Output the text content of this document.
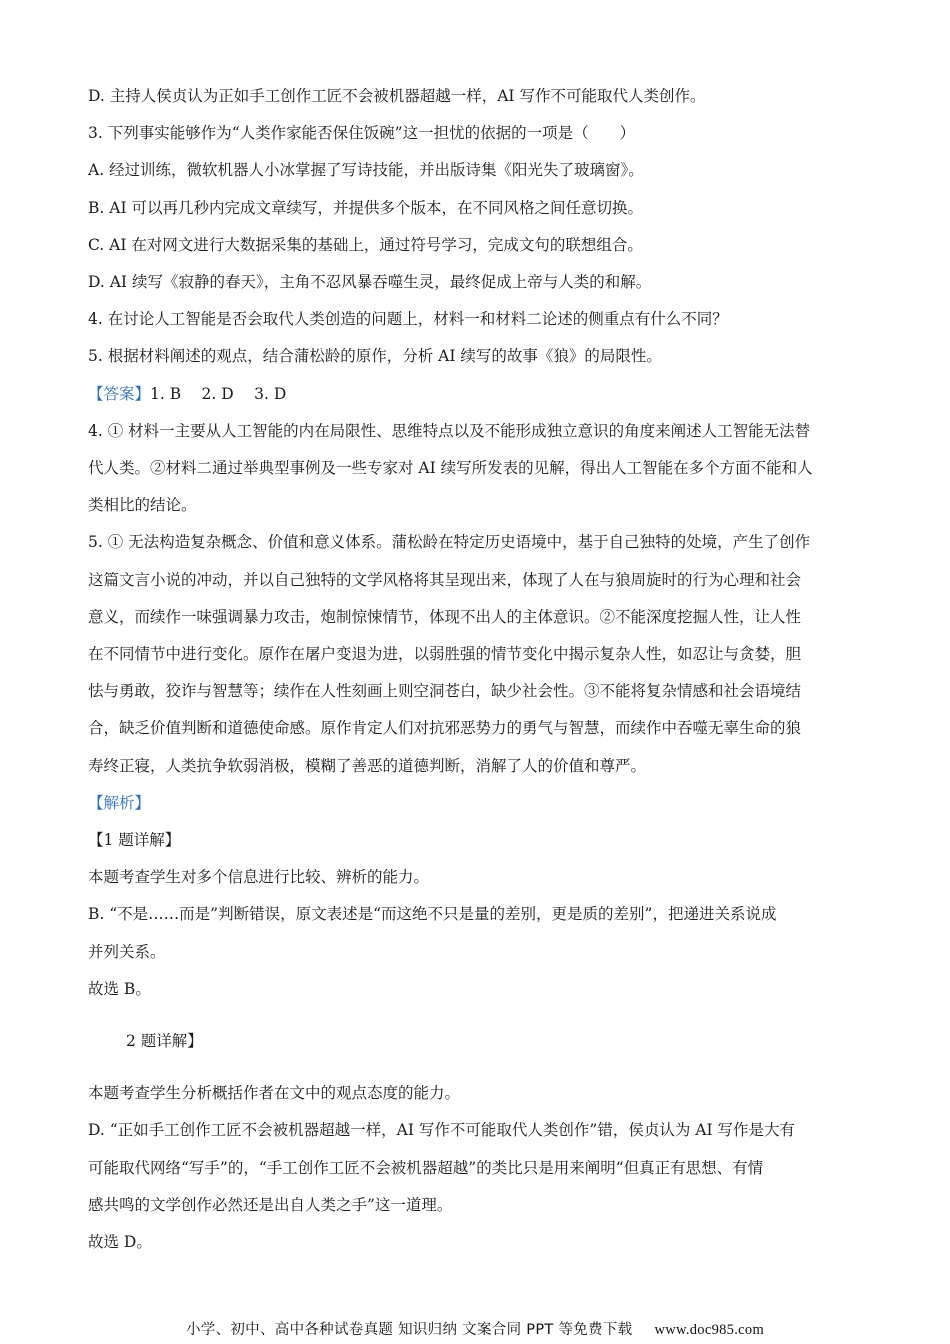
D. 主持人侯贞认为正如手工创作工匠不会被机器超越一样，AI 写作不可能取代人类创作。

3. 下列事实能够作为“人类作家能否保住饭碗”这一担忧的依据的一项是（　　）

A. 经过训练，微软机器人小冰掌握了写诗技能，并出版诗集《阳光失了玻璃窗》。

B. AI 可以再几秒内完成文章续写，并提供多个版本，在不同风格之间任意切换。

C. AI 在对网文进行大数据采集的基础上，通过符号学习，完成文句的联想组合。

D. AI 续写《寂静的春天》，主角不忍风暴吞噬生灵，最终促成上帝与人类的和解。

4. 在讨论人工智能是否会取代人类创造的问题上，材料一和材料二论述的侧重点有什么不同？

5. 根据材料阐述的观点，结合蒲松龄的原作，分析 AI 续写的故事《狼》的局限性。

【答案】1. B　 2. D　 3. D

4. ① 材料一主要从人工智能的内在局限性、思维特点以及不能形成独立意识的角度来阐述人工智能无法替

代人类。②材料二通过举典型事例及一些专家对 AI 续写所发表的见解，得出人工智能在多个方面不能和人

类相比的结论。

5. ① 无法构造复杂概念、价值和意义体系。蒲松龄在特定历史语境中，基于自己独特的处境，产生了创作

这篇文言小说的冲动，并以自己独特的文学风格将其呈现出来，体现了人在与狼周旋时的行为心理和社会

意义，而续作一味强调暴力攻击，炮制惊悚情节，体现不出人的主体意识。②不能深度挖掘人性，让人性

在不同情节中进行变化。原作在屠户变退为进，以弱胜强的情节变化中揭示复杂人性，如忍让与贪婪，胆

怯与勇敢，狡诈与智慧等；续作在人性刻画上则空洞苍白，缺少社会性。③不能将复杂情感和社会语境结

合，缺乏价值判断和道德使命感。原作肯定人们对抗邪恶势力的勇气与智慧，而续作中吞噬无辜生命的狼

寿终正寝，人类抗争软弱消极，模糊了善恶的道德判断，消解了人的价值和尊严。

【解析】

【1 题详解】

本题考查学生对多个信息进行比较、辨析的能力。

B. “不是……而是”判断错误，原文表述是“而这绝不只是量的差别，更是质的差别”，把递进关系说成

并列关系。

故选 B。

2 题详解】

本题考查学生分析概括作者在文中的观点态度的能力。

D. “正如手工创作工匠不会被机器超越一样，AI 写作不可能取代人类创作”错，侯贞认为 AI 写作是大有

可能取代网络“写手”的，“手工创作工匠不会被机器超越”的类比只是用来阐明“但真正有思想、有情

感共鸣的文学创作必然还是出自人类之手”这一道理。

故选 D。

小学、初中、高中各种试卷真题 知识归纳 文案合同 PPT 等免费下载 www.doc985.com
